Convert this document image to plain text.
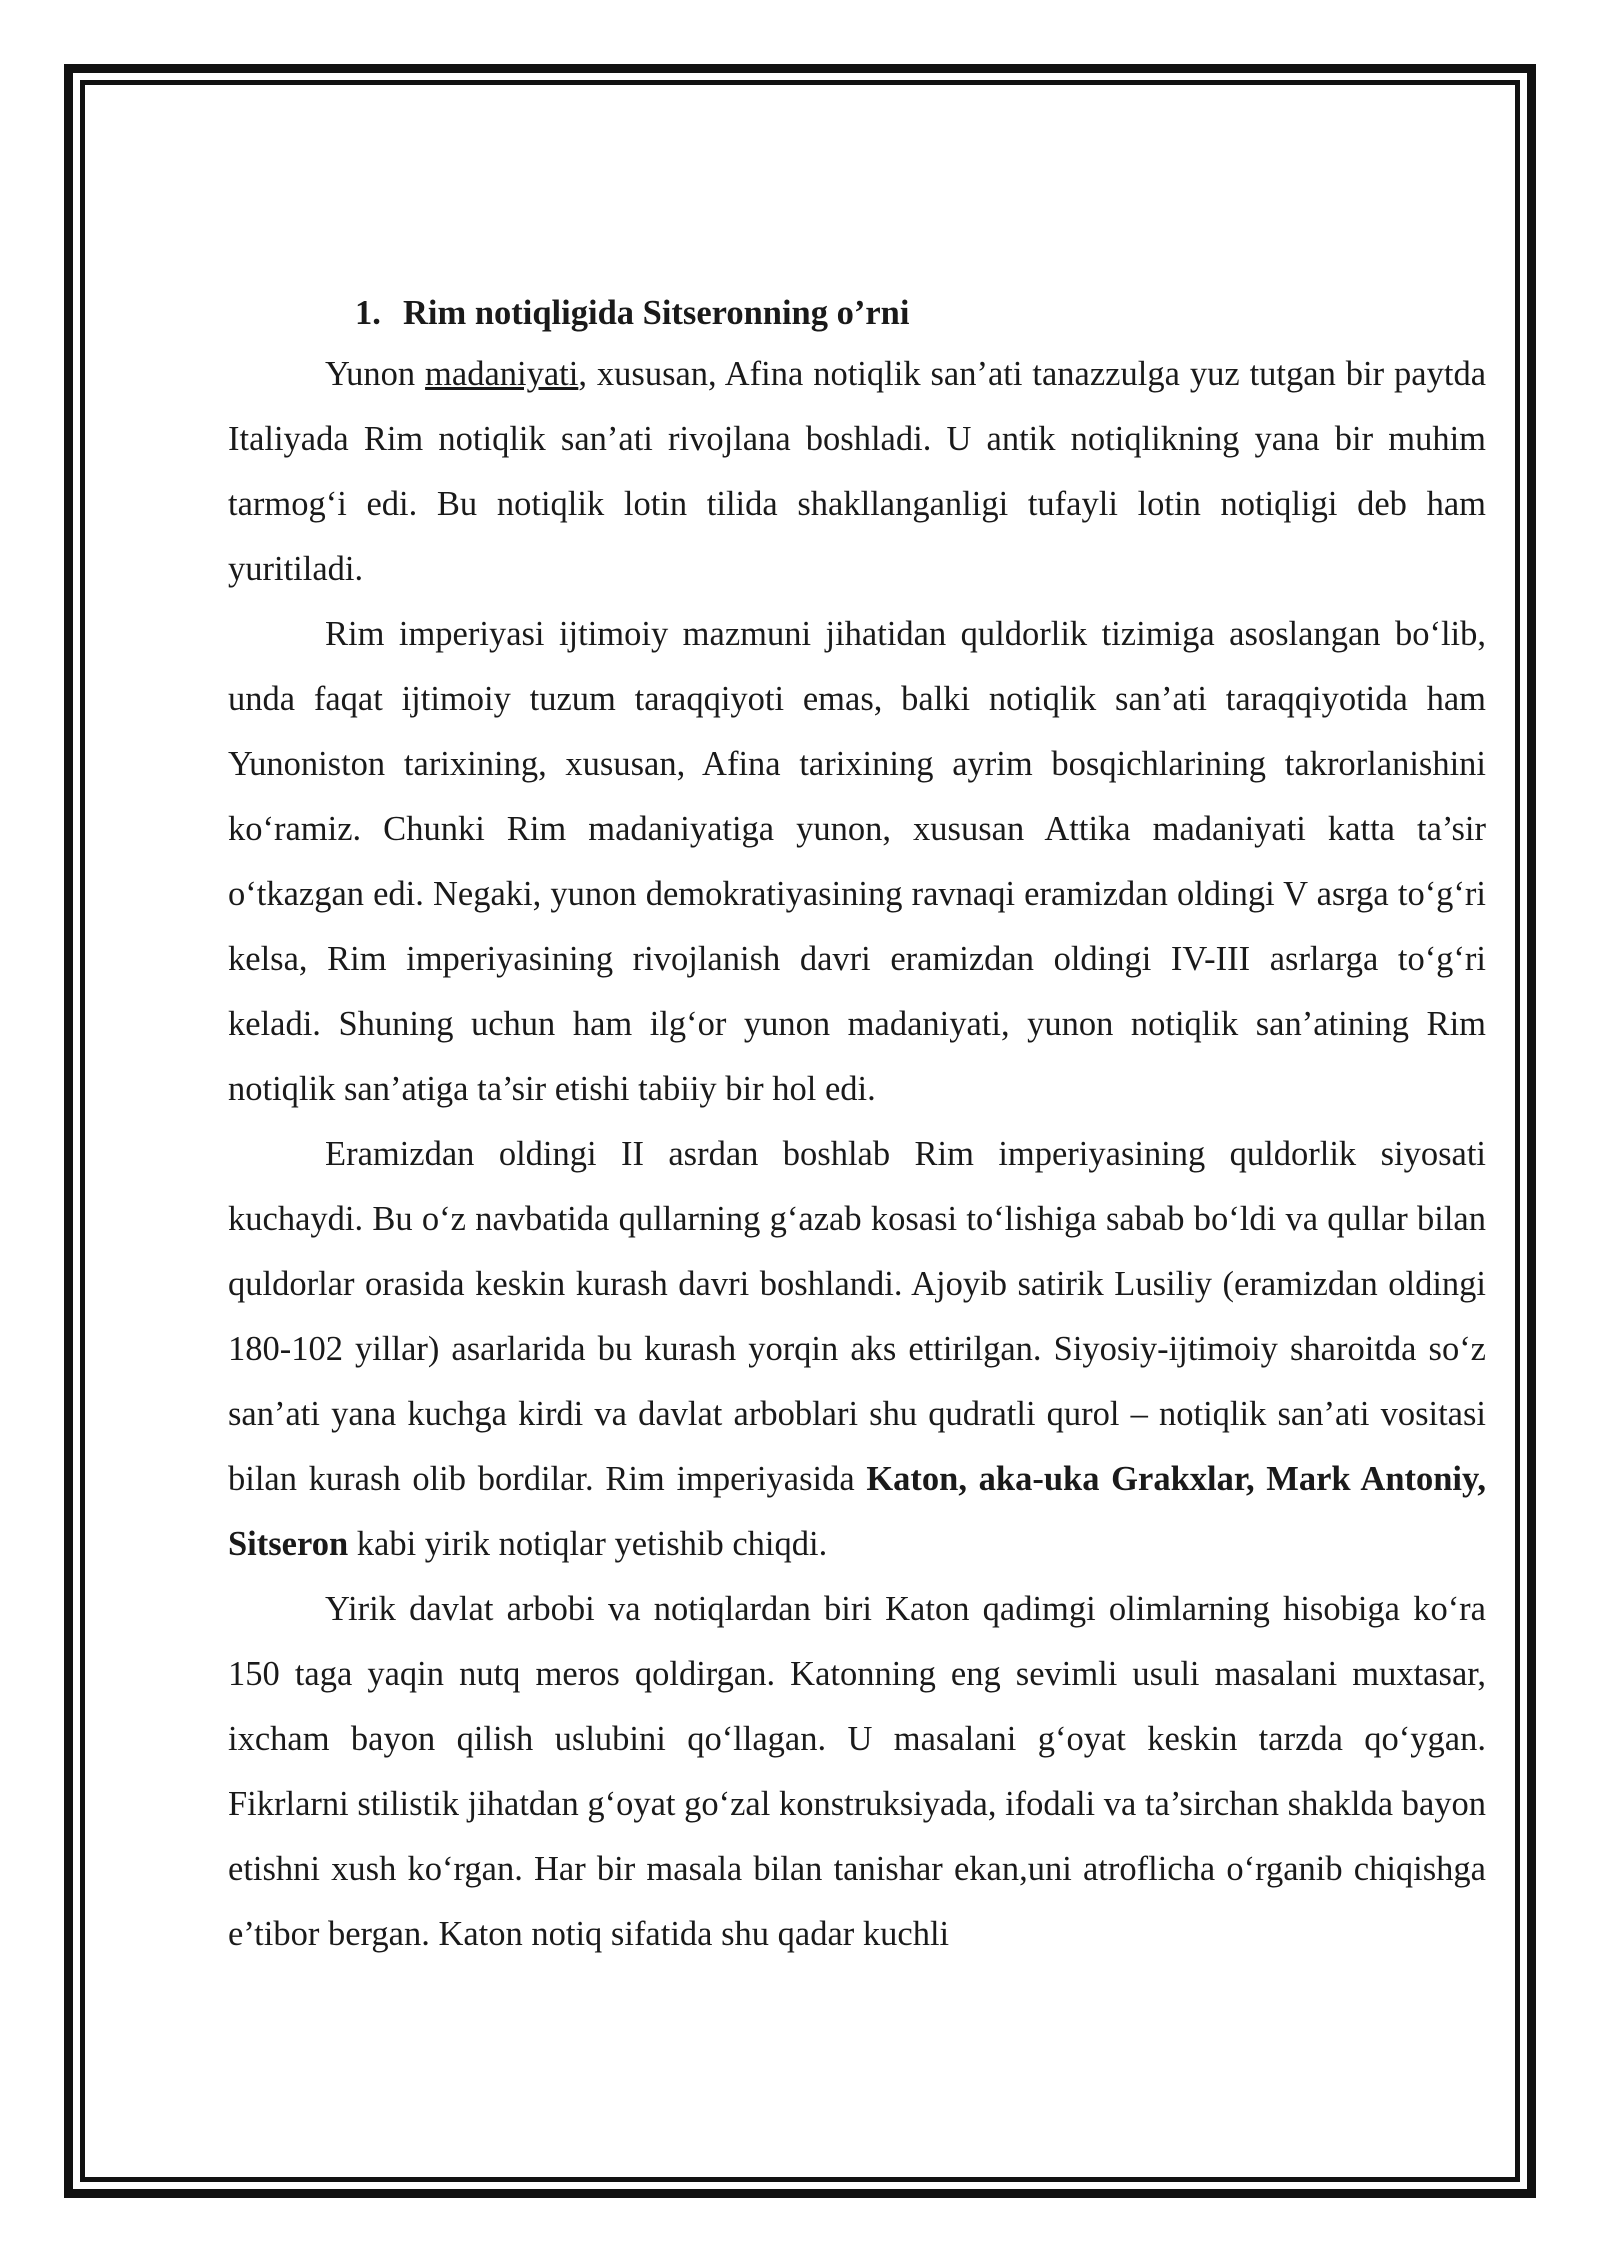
1. Rim notiqligida Sitseronning o’rni

Yunon madaniyati, xususan, Afina notiqlik san’ati tanazzulga yuz tutgan bir paytda Italiyada Rim notiqlik san’ati rivojlana boshladi. U antik notiqlikning yana bir muhim tarmog‘i edi. Bu notiqlik lotin tilida shakllanganligi tufayli lotin notiqligi deb ham yuritiladi.

Rim imperiyasi ijtimoiy mazmuni jihatidan quldorlik tizimiga asoslangan bo‘lib, unda faqat ijtimoiy tuzum taraqqiyoti emas, balki notiqlik san’ati taraqqiyotida ham Yunoniston tarixining, xususan, Afina tarixining ayrim bosqichlarining takrorlanishini ko‘ramiz. Chunki Rim madaniyatiga yunon, xususan Attika madaniyati katta ta’sir o‘tkazgan edi. Negaki, yunon demokratiyasining ravnaqi eramizdan oldingi V asrga to‘g‘ri kelsa, Rim imperiyasining rivojlanish davri eramizdan oldingi IV-III asrlarga to‘g‘ri keladi. Shuning uchun ham ilg‘or yunon madaniyati, yunon notiqlik san’atining Rim notiqlik san’atiga ta’sir etishi tabiiy bir hol edi.

Eramizdan oldingi II asrdan boshlab Rim imperiyasining quldorlik siyosati kuchaydi. Bu o‘z navbatida qullarning g‘azab kosasi to‘lishiga sabab bo‘ldi va qullar bilan quldorlar orasida keskin kurash davri boshlandi. Ajoyib satirik Lusiliy (eramizdan oldingi 180-102 yillar) asarlarida bu kurash yorqin aks ettirilgan. Siyosiy-ijtimoiy sharoitda so‘z san’ati yana kuchga kirdi va davlat arboblari shu qudratli qurol – notiqlik san’ati vositasi bilan kurash olib bordilar. Rim imperiyasida Katon, aka-uka Grakxlar, Mark Antoniy, Sitseron kabi yirik notiqlar yetishib chiqdi.

Yirik davlat arbobi va notiqlardan biri Katon qadimgi olimlarning hisobiga ko‘ra 150 taga yaqin nutq meros qoldirgan. Katonning eng sevimli usuli masalani muxtasar, ixcham bayon qilish uslubini qo‘llagan. U masalani g‘oyat keskin tarzda qo‘ygan. Fikrlarni stilistik jihatdan g‘oyat go‘zal konstruksiyada, ifodali va ta’sirchan shaklda bayon etishni xush ko‘rgan. Har bir masala bilan tanishar ekan,uni atroflicha o‘rganib chiqishga e’tibor bergan. Katon notiq sifatida shu qadar kuchli
